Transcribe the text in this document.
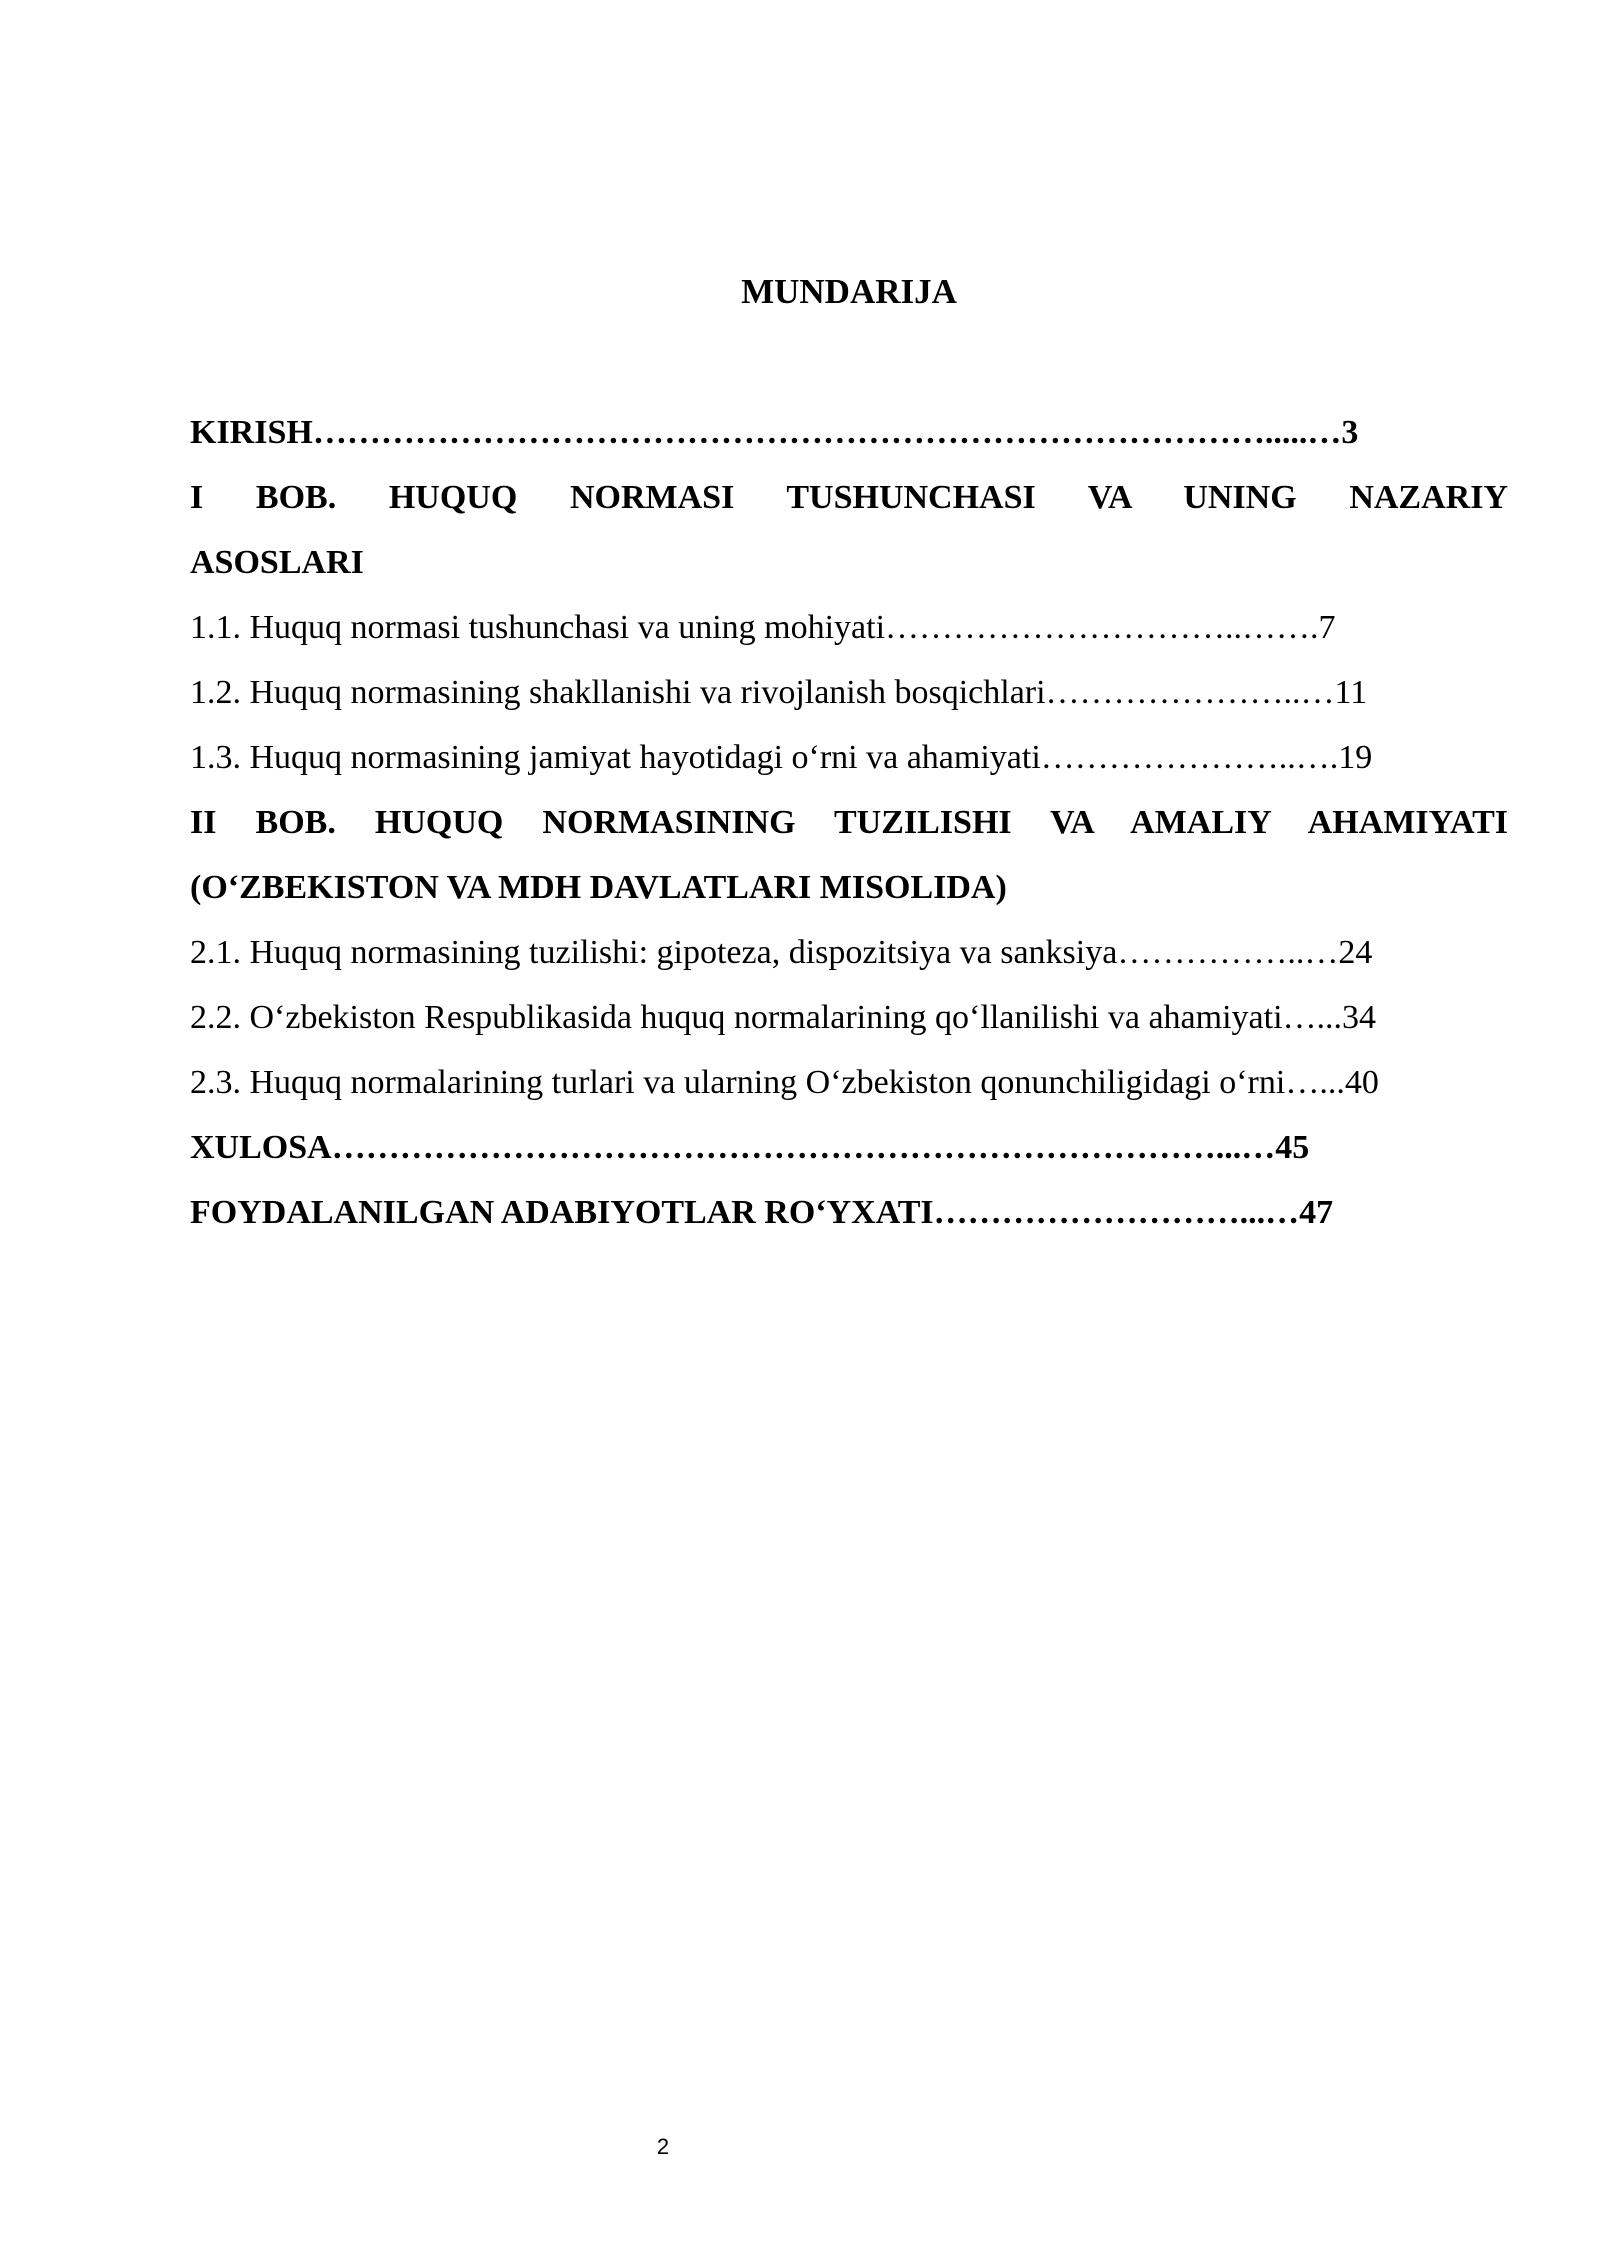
MUNDARIJA
KIRISH………………………………………………………………………….....…3
I BOB. HUQUQ NORMASI TUSHUNCHASI VA UNING NAZARIY
ASOSLARI
1.1. Huquq normasi tushunchasi va uning mohiyati…………………………..…….7
1.2. Huquq normasining shakllanishi va rivojlanish bosqichlari…………………..…11
1.3. Huquq normasining jamiyat hayotidagi oʻrni va ahamiyati…………………..….19
II BOB. HUQUQ NORMASINING TUZILISHI VA AMALIY AHAMIYATI
(OʻZBEKISTON VA MDH DAVLATLARI MISOLIDA)
2.1. Huquq normasining tuzilishi: gipoteza, dispozitsiya va sanksiya……………..…24
2.2. Oʻzbekiston Respublikasida huquq normalarining qoʻllanilishi va ahamiyati…...34
2.3. Huquq normalarining turlari va ularning Oʻzbekiston qonunchiligidagi oʻrni…...40
XULOSA……………………………………………………………………...…45
FOYDALANILGAN ADABIYOTLAR ROʻYXATI………………………...…47
2
